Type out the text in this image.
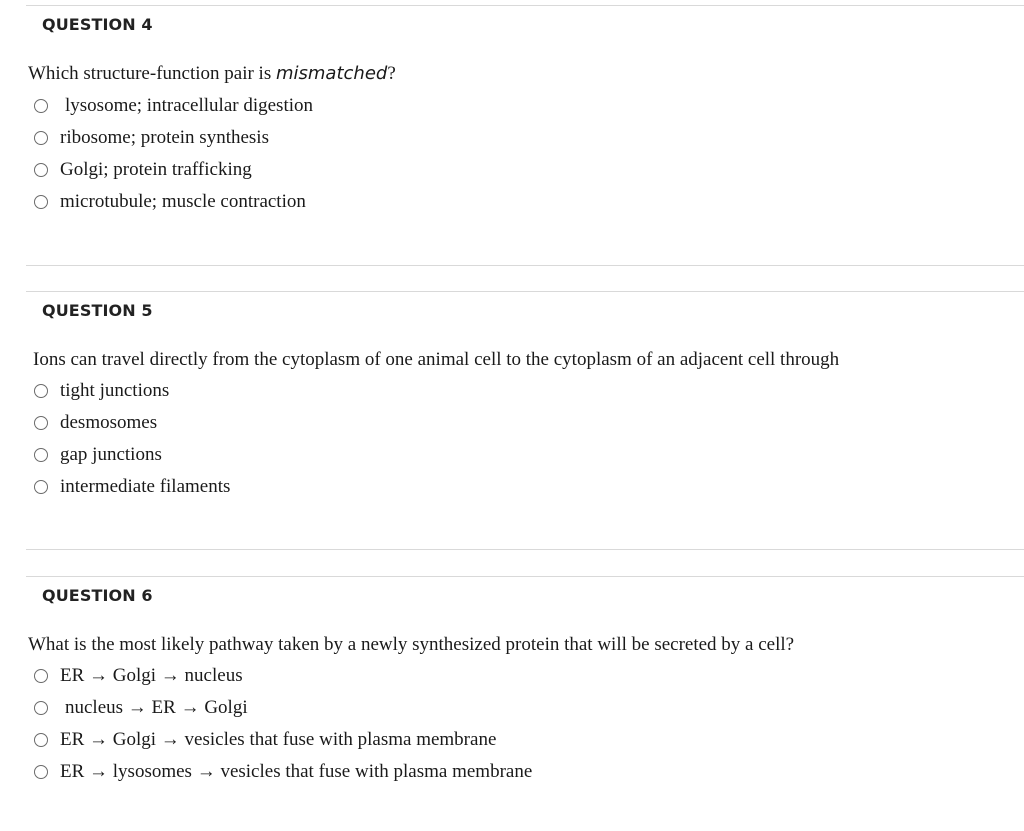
QUESTION 4
Which structure-function pair is mismatched?
lysosome; intracellular digestion
ribosome; protein synthesis
Golgi; protein trafficking
microtubule; muscle contraction
QUESTION 5
Ions can travel directly from the cytoplasm of one animal cell to the cytoplasm of an adjacent cell through
tight junctions
desmosomes
gap junctions
intermediate filaments
QUESTION 6
What is the most likely pathway taken by a newly synthesized protein that will be secreted by a cell?
ER → Golgi → nucleus
nucleus → ER → Golgi
ER → Golgi → vesicles that fuse with plasma membrane
ER → lysosomes → vesicles that fuse with plasma membrane
